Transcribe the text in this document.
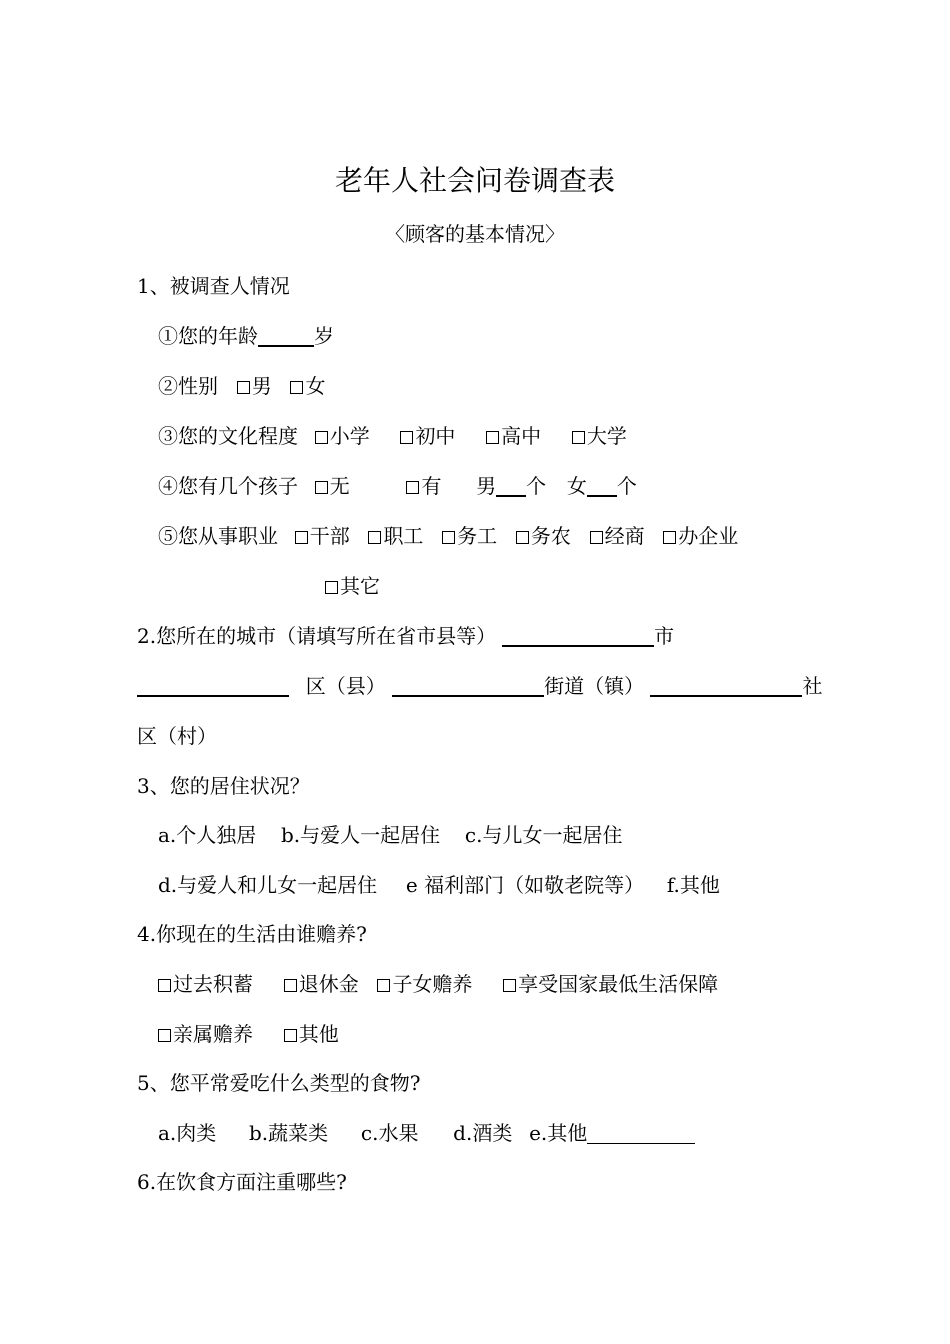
老年人社会问卷调查表
〈顾客的基本情况〉
1、被调查人情况
①您的年龄	岁
②性别 男 女
③您的文化程度 小学 初中 高中 大学
④您有几个孩子 无	有 男 个 女 个
⑤您从事职业 干部 职工 务工 务农 经商 办企业
其它
2.您所在的城市（请填写所在省市县等）	市
区（县）	街道（镇）	社
区（村）
3、您的居住状况？
a.个人独居 b.与爱人一起居住 c.与儿女一起居住
d.与爱人和儿女一起居住 e 福利部门（如敬老院等） f.其他
4.你现在的生活由谁赡养?
过去积蓄 退休金 子女赡养 享受国家最低生活保障
亲属赡养 其他
5、您平常爱吃什么类型的食物?
a.肉类 b.蔬菜类 c.水果 d.酒类 e.其他
6.在饮食方面注重哪些?
